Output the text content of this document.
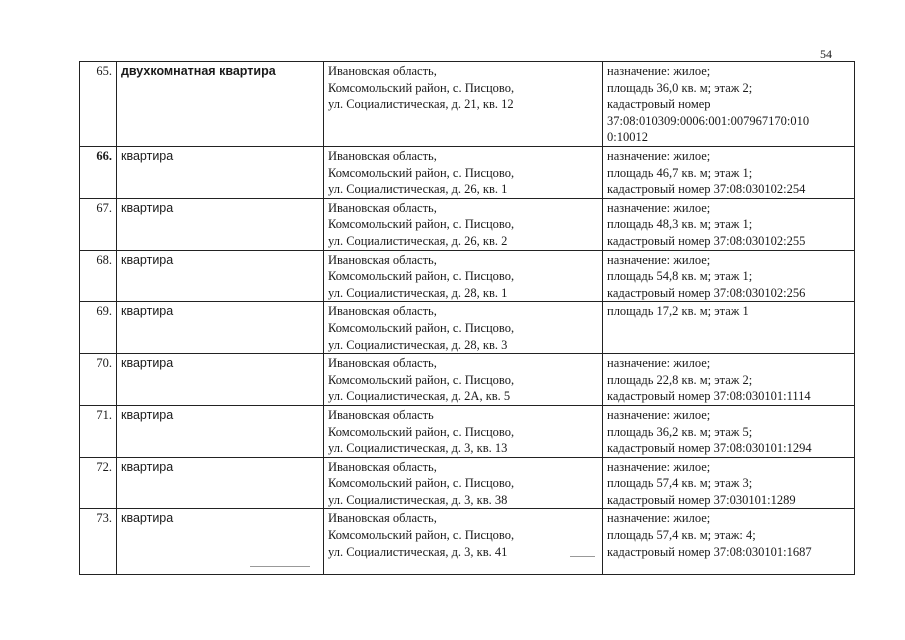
54
65.	двухкомнатная квартира	Ивановская область,
Комсомольский район, с. Писцово,
ул. Социалистическая, д. 21, кв. 12	назначение: жилое;
площадь 36,0 кв. м; этаж 2;
кадастровый номер
37:08:010309:0006:001:007967170:010
0:10012
66.	квартира	Ивановская область,
Комсомольский район, с. Писцово,
ул. Социалистическая, д. 26, кв. 1	назначение: жилое;
площадь 46,7 кв. м; этаж 1;
кадастровый номер 37:08:030102:254
67.	квартира	Ивановская область,
Комсомольский район, с. Писцово,
ул. Социалистическая, д. 26, кв. 2	назначение: жилое;
площадь 48,3 кв. м; этаж 1;
кадастровый номер 37:08:030102:255
68.	квартира	Ивановская область,
Комсомольский район, с. Писцово,
ул. Социалистическая, д. 28, кв. 1	назначение: жилое;
площадь 54,8 кв. м; этаж 1;
кадастровый номер 37:08:030102:256
69.	квартира	Ивановская область,
Комсомольский район, с. Писцово,
ул. Социалистическая, д. 28, кв. 3	площадь 17,2 кв. м; этаж 1
70.	квартира	Ивановская область,
Комсомольский район, с. Писцово,
ул. Социалистическая, д. 2А, кв. 5	назначение: жилое;
площадь 22,8 кв. м; этаж 2;
кадастровый номер 37:08:030101:1114
71.	квартира	Ивановская область
Комсомольский район, с. Писцово,
ул. Социалистическая, д. 3, кв. 13	назначение: жилое;
площадь 36,2 кв. м; этаж 5;
кадастровый номер 37:08:030101:1294
72.	квартира	Ивановская область,
Комсомольский район, с. Писцово,
ул. Социалистическая, д. 3, кв. 38	назначение: жилое;
площадь 57,4 кв. м; этаж 3;
кадастровый номер 37:030101:1289
73.	квартира	Ивановская область,
Комсомольский район, с. Писцово,
ул. Социалистическая, д. 3, кв. 41	назначение: жилое;
площадь 57,4 кв. м; этаж: 4;
кадастровый номер 37:08:030101:1687
